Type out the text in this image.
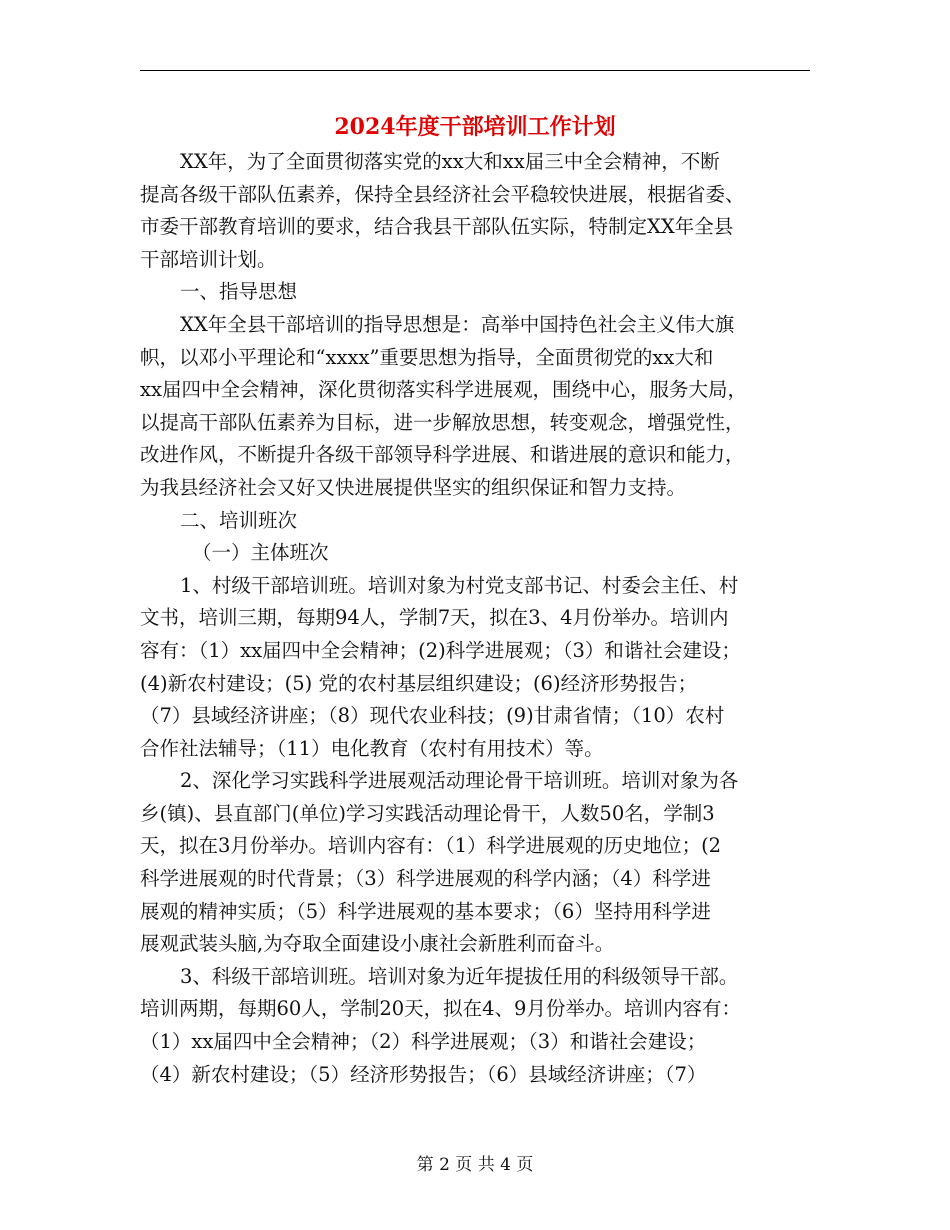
2024年度干部培训工作计划
XX年，为了全面贯彻落实党的xx大和xx届三中全会精神，不断
提高各级干部队伍素养，保持全县经济社会平稳较快进展，根据省委、
市委干部教育培训的要求，结合我县干部队伍实际，特制定XX年全县
干部培训计划。
一、指导思想
XX年全县干部培训的指导思想是：高举中国持色社会主义伟大旗
帜，以邓小平理论和“xxxx”重要思想为指导，全面贯彻党的xx大和
xx届四中全会精神，深化贯彻落实科学进展观，围绕中心，服务大局，
以提高干部队伍素养为目标，进一步解放思想，转变观念，增强党性，
改进作风，不断提升各级干部领导科学进展、和谐进展的意识和能力，
为我县经济社会又好又快进展提供坚实的组织保证和智力支持。
二、培训班次
（一）主体班次
1、村级干部培训班。培训对象为村党支部书记、村委会主任、村
文书，培训三期，每期94人，学制7天，拟在3、4月份举办。培训内
容有：（1）xx届四中全会精神；(2)科学进展观；（3）和谐社会建设；
(4)新农村建设；(5) 党的农村基层组织建设；(6)经济形势报告；
（7）县域经济讲座；（8）现代农业科技；(9)甘肃省情；（10）农村
合作社法辅导；（11）电化教育（农村有用技术）等。
2、深化学习实践科学进展观活动理论骨干培训班。培训对象为各
乡(镇)、县直部门(单位)学习实践活动理论骨干，人数50名，学制3
天，拟在3月份举办。培训内容有：（1）科学进展观的历史地位；(2
科学进展观的时代背景；（3）科学进展观的科学内涵；（4）科学进
展观的精神实质；（5）科学进展观的基本要求；（6）坚持用科学进
展观武装头脑,为夺取全面建设小康社会新胜利而奋斗。
3、科级干部培训班。培训对象为近年提拔任用的科级领导干部。
培训两期，每期60人，学制20天，拟在4、9月份举办。培训内容有：
（1）xx届四中全会精神；（2）科学进展观；（3）和谐社会建设；
（4）新农村建设；（5）经济形势报告；（6）县域经济讲座；（7）
第 2 页 共 4 页
